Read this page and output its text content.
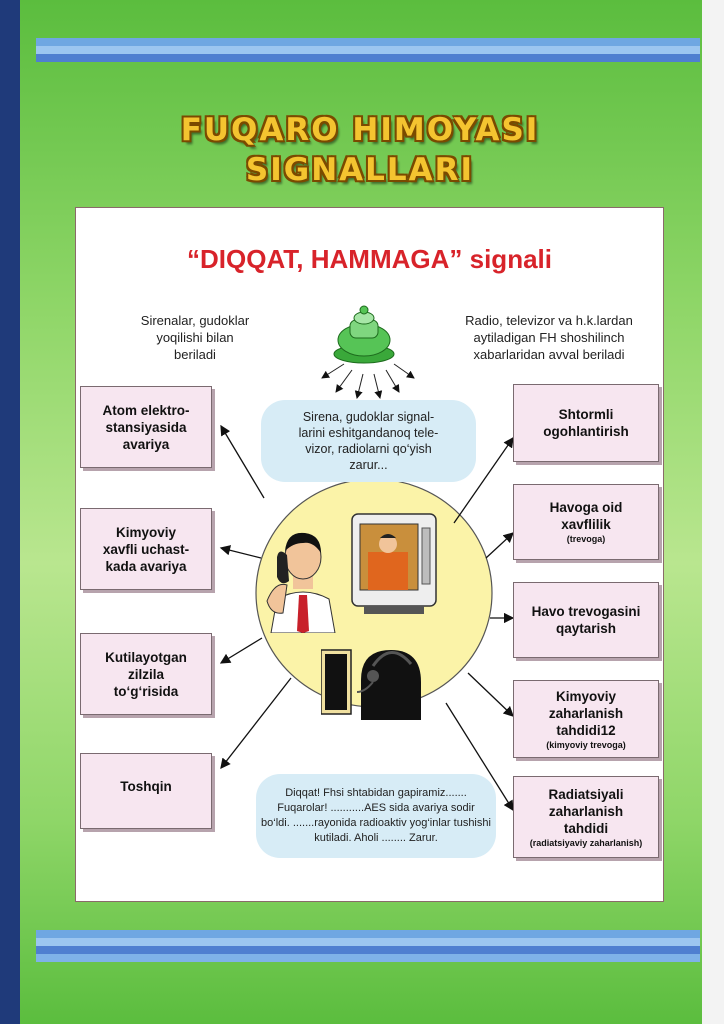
FUQARO HIMOYASI
SIGNALLARI
“DIQQAT, HAMMAGA” signali
Sirenalar, gudoklar
yoqilishi bilan
beriladi
Radio, televizor va h.k.lardan
aytiladigan FH shoshilinch
xabarlaridan avval beriladi
Sirena, gudoklar signal-
larini eshitgandanoq tele-
vizor, radiolarni qo‘yish
zarur...
Atom elektro-
stansiyasida
avariya
Kimyoviy
xavfli uchast-
kada avariya
Kutilayotgan
zilzila
to‘g‘risida
Toshqin
Shtormli
ogohlantirish
Havoga oid
xavflilik
(trevoga)
Havo trevogasini
qaytarish
Kimyoviy
zaharlanish
tahdidi12
(kimyoviy trevoga)
Radiatsiyali
zaharlanish
tahdidi
(radiatsiyaviy zaharlanish)
Diqqat! Fhsi shtabidan gapiramiz.......
Fuqarolar! ...........AES sida avariya sodir
bo‘ldi. .......rayonida radioaktiv yog‘inlar tushishi
kutiladi. Aholi ........ Zarur.
